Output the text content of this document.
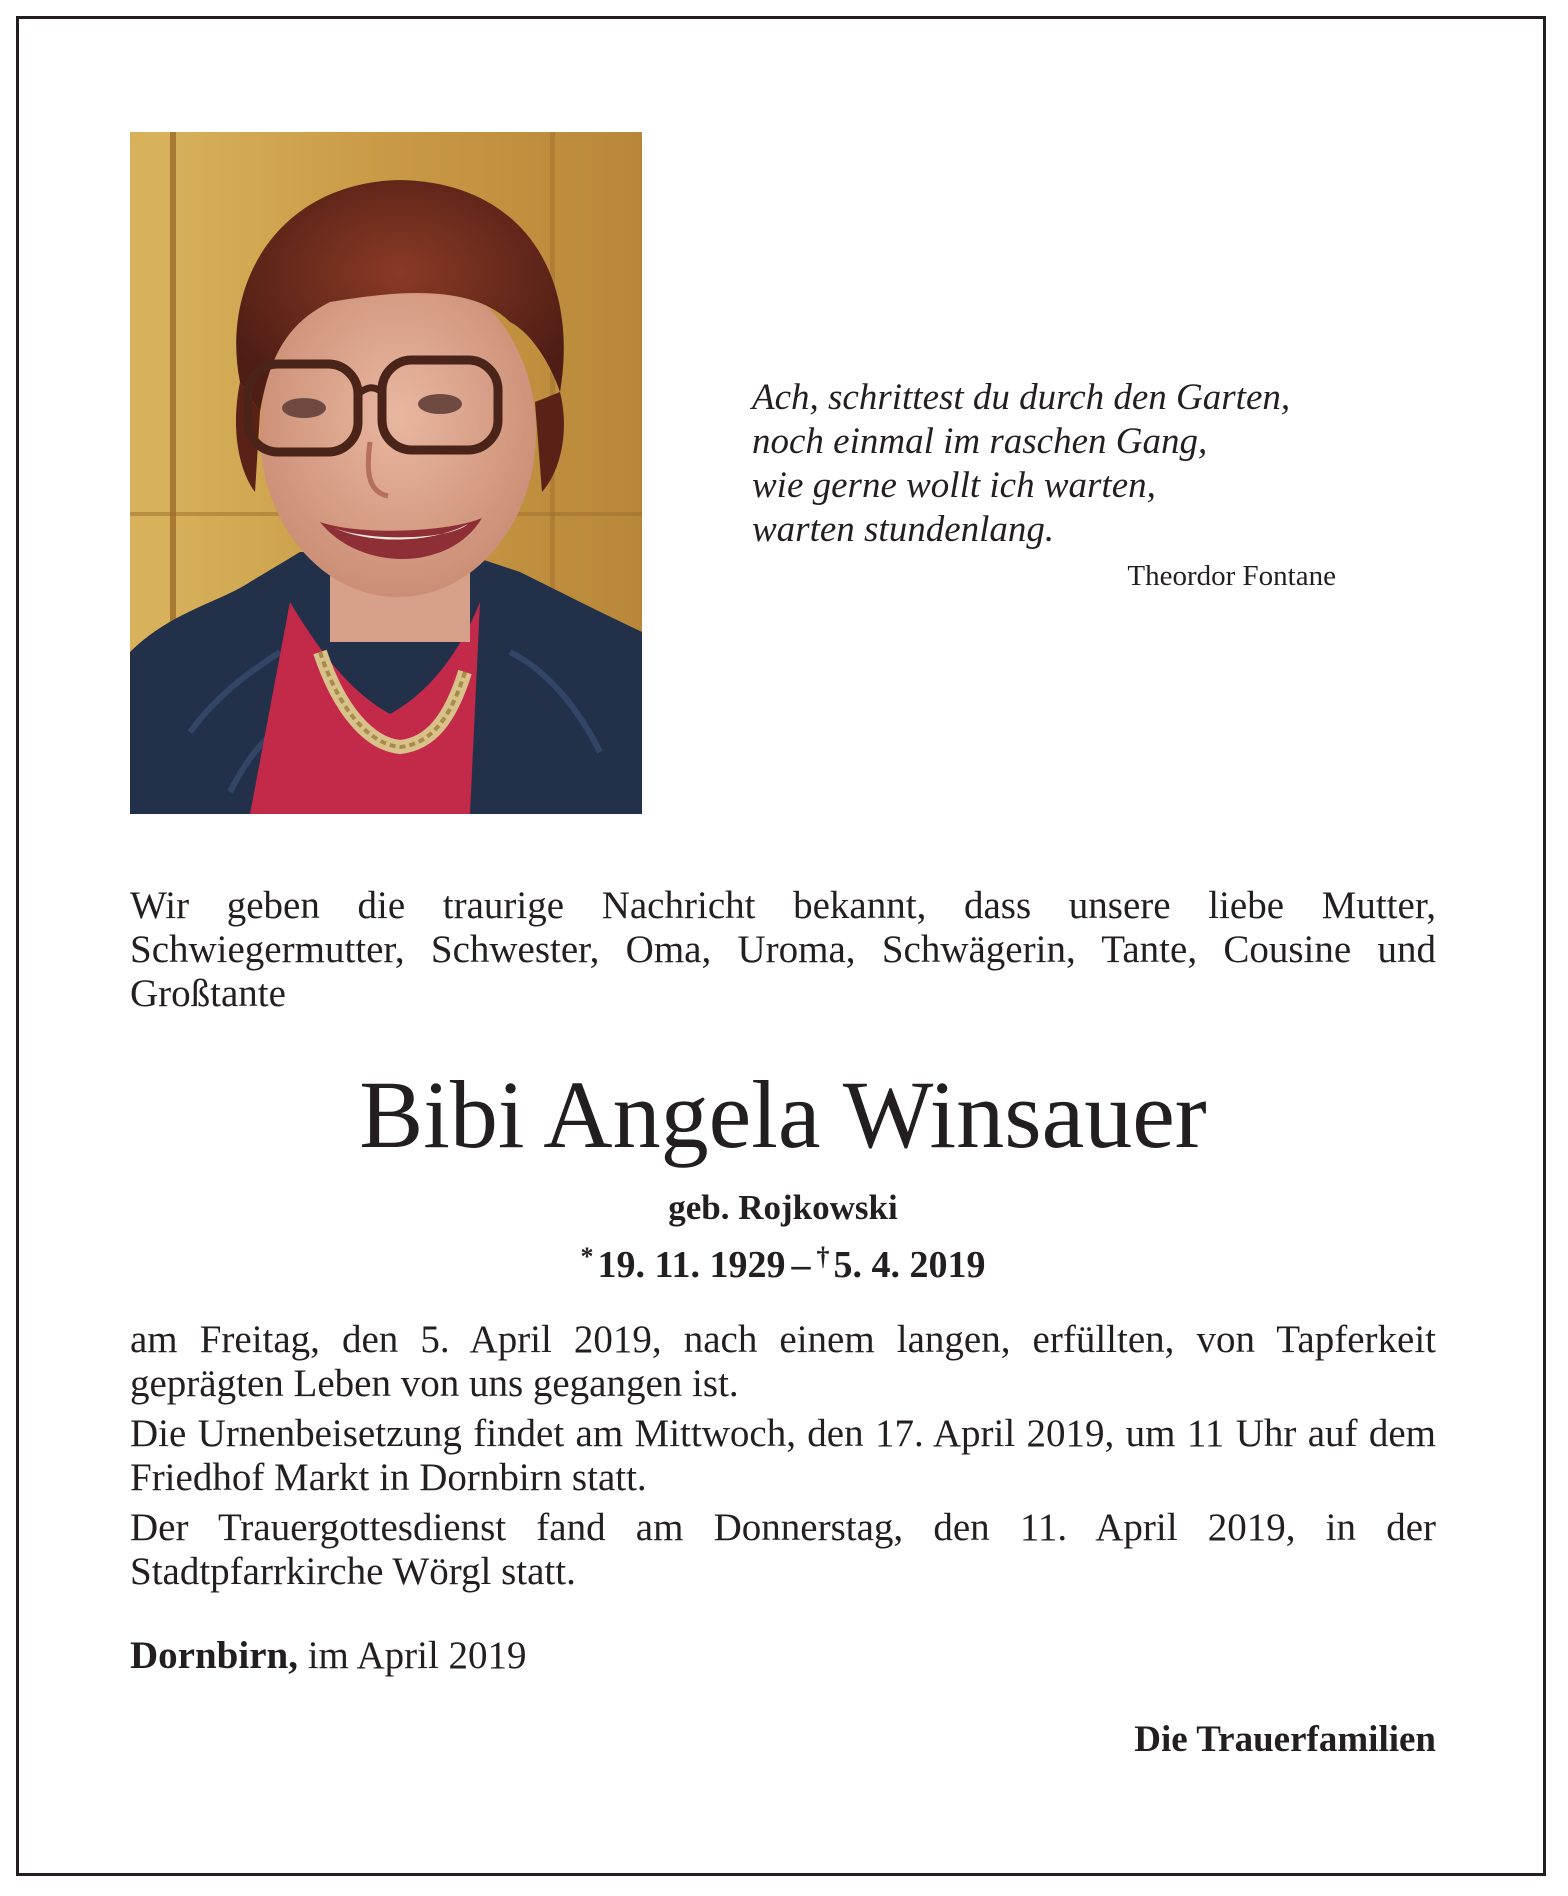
Ach, schrittest du durch den Garten,
noch einmal im raschen Gang,
wie gerne wollt ich warten,
warten stundenlang.
Theordor Fontane
Wir geben die traurige Nachricht bekannt, dass unsere liebe Mutter, Schwiegermutter, Schwester, Oma, Uroma, Schwägerin, Tante, Cousine und Großtante
Bibi Angela Winsauer
geb. Rojkowski
* 19. 11. 1929 – † 5. 4. 2019

am Freitag, den 5. April 2019, nach einem langen, erfüllten, von Tapferkeit geprägten Leben von uns gegangen ist.

Die Urnenbeisetzung findet am Mittwoch, den 17. April 2019, um 11 Uhr auf dem Friedhof Markt in Dornbirn statt.

Der Trauergottesdienst fand am Donnerstag, den 11. April 2019, in der Stadtpfarrkirche Wörgl statt.

Dornbirn, im April 2019
Die Trauerfamilien
